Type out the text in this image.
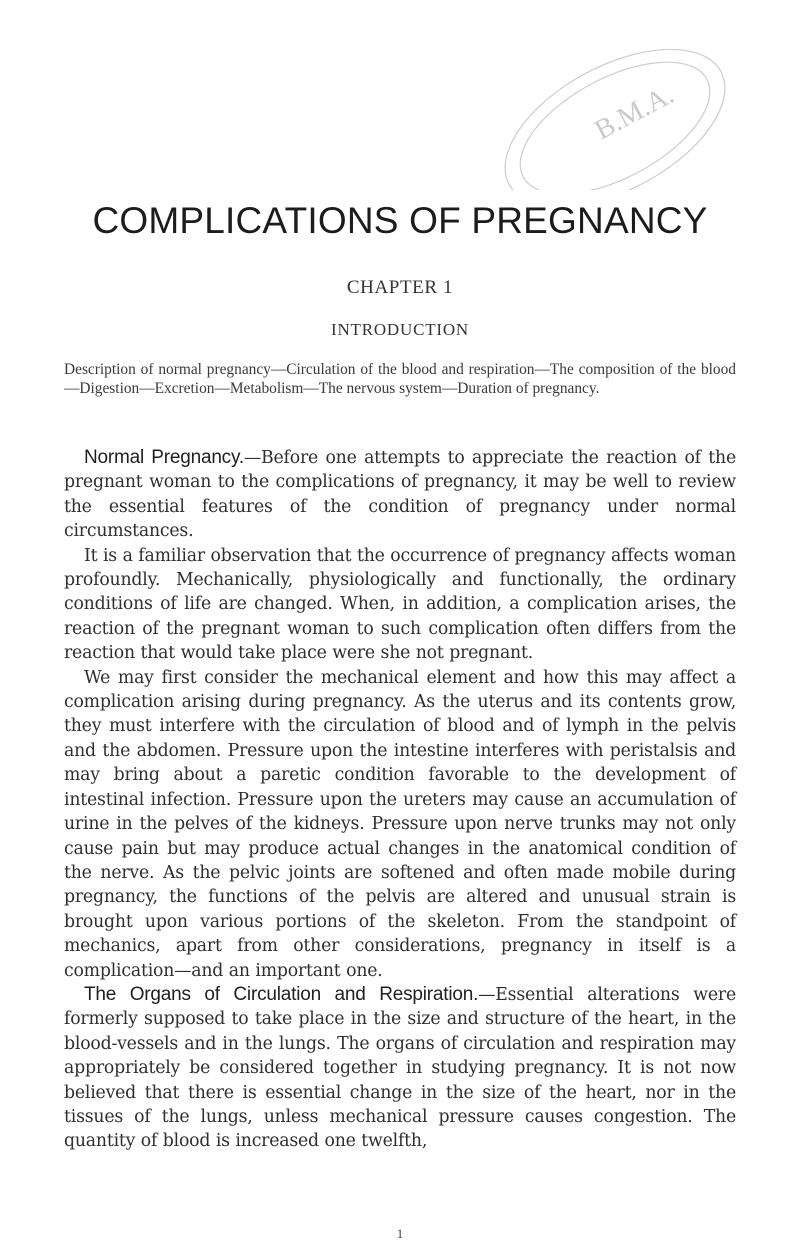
B.M.A.
COMPLICATIONS OF PREGNANCY
CHAPTER 1
INTRODUCTION

Description of normal pregnancy—Circulation of the blood and respiration—The composition of the blood—Digestion—Excretion—Metabolism—The nervous system—Duration of pregnancy.

Normal Pregnancy.—Before one attempts to appreciate the reaction of the pregnant woman to the complications of pregnancy, it may be well to review the essential features of the condition of pregnancy under normal circumstances.

It is a familiar observation that the occurrence of pregnancy affects woman profoundly. Mechanically, physiologically and functionally, the ordinary conditions of life are changed. When, in addition, a complication arises, the reaction of the pregnant woman to such complication often differs from the reaction that would take place were she not pregnant.

We may first consider the mechanical element and how this may affect a complication arising during pregnancy. As the uterus and its contents grow, they must interfere with the circulation of blood and of lymph in the pelvis and the abdomen. Pressure upon the intestine interferes with peristalsis and may bring about a paretic condition favorable to the development of intestinal infection. Pressure upon the ureters may cause an accumulation of urine in the pelves of the kidneys. Pressure upon nerve trunks may not only cause pain but may produce actual changes in the anatomical condition of the nerve. As the pelvic joints are softened and often made mobile during pregnancy, the functions of the pelvis are altered and unusual strain is brought upon various portions of the skeleton. From the standpoint of mechanics, apart from other considerations, pregnancy in itself is a complication—and an important one.

The Organs of Circulation and Respiration.—Essential alterations were formerly supposed to take place in the size and structure of the heart, in the blood-vessels and in the lungs. The organs of circulation and respiration may appropriately be considered together in studying pregnancy. It is not now believed that there is essential change in the size of the heart, nor in the tissues of the lungs, unless mechanical pressure causes congestion. The quantity of blood is increased one twelfth,

1
